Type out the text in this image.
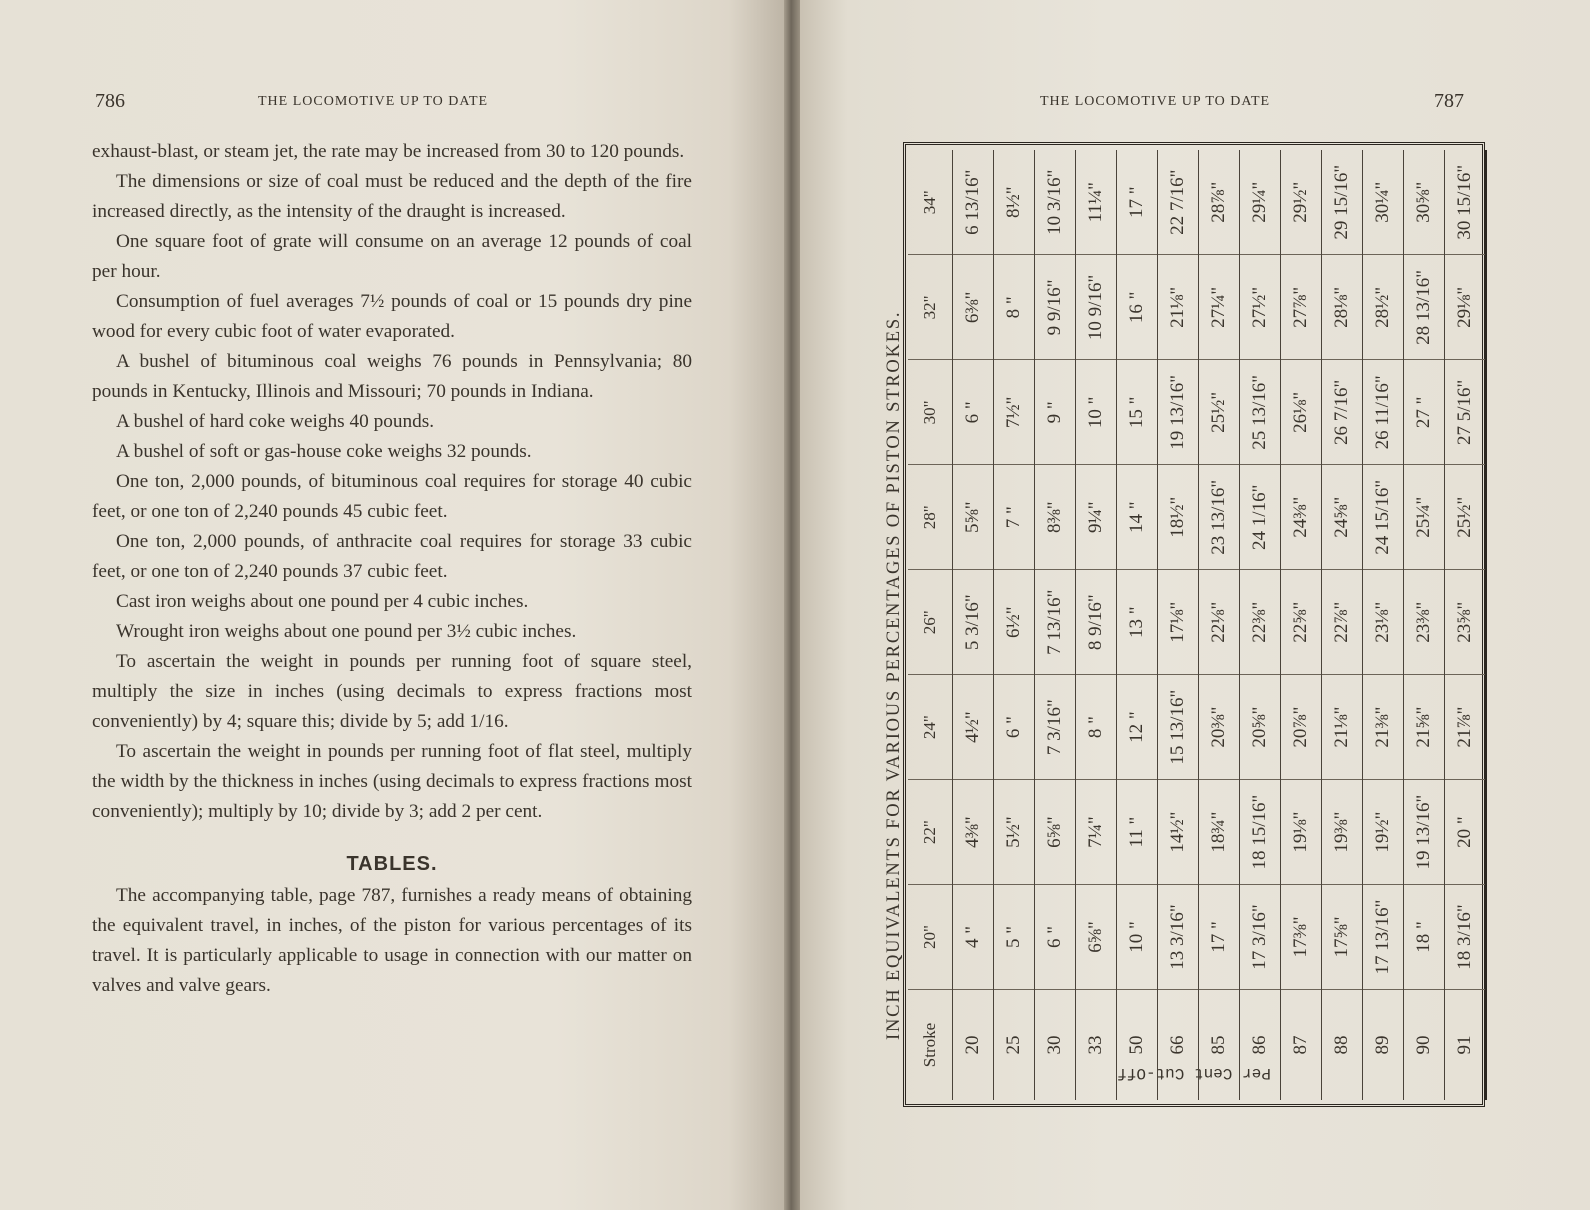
786	THE LOCOMOTIVE UP TO DATE

exhaust-blast, or steam jet, the rate may be increased from 30 to 120 pounds.

The dimensions or size of coal must be reduced and the depth of the fire increased directly, as the intensity of the draught is increased.

One square foot of grate will consume on an average 12 pounds of coal per hour.

Consumption of fuel averages 7½ pounds of coal or 15 pounds dry pine wood for every cubic foot of water evaporated.

A bushel of bituminous coal weighs 76 pounds in Pennsylvania; 80 pounds in Kentucky, Illinois and Missouri; 70 pounds in Indiana.

A bushel of hard coke weighs 40 pounds.

A bushel of soft or gas-house coke weighs 32 pounds.

One ton, 2,000 pounds, of bituminous coal requires for storage 40 cubic feet, or one ton of 2,240 pounds 45 cubic feet.

One ton, 2,000 pounds, of anthracite coal requires for storage 33 cubic feet, or one ton of 2,240 pounds 37 cubic feet.

Cast iron weighs about one pound per 4 cubic inches.

Wrought iron weighs about one pound per 3½ cubic inches.

To ascertain the weight in pounds per running foot of square steel, multiply the size in inches (using decimals to express fractions most conveniently) by 4; square this; divide by 5; add 1/16.

To ascertain the weight in pounds per running foot of flat steel, multiply the width by the thickness in inches (using decimals to express fractions most conveniently); multiply by 10; divide by 3; add 2 per cent.

TABLES.

The accompanying table, page 787, furnishes a ready means of obtaining the equivalent travel, in inches, of the piston for various percentages of its travel. It is particularly applicable to usage in connection with our matter on valves and valve gears.

THE LOCOMOTIVE UP TO DATE	787
INCH EQUIVALENTS FOR VARIOUS PERCENTAGES OF PISTON STROKES.
Per Cent Cut-Off
Stroke	20"	22"	24"	26"	28"	30"	32"	34"
20	4 "	4⅜"	4½"	5 3/16"	5⅝"	6 "	6⅜"	6 13/16"
25	5 "	5½"	6 "	6½"	7 "	7½"	8 "	8½"
30	6 "	6⅝"	7 3/16"	7 13/16"	8⅜"	9 "	9 9/16"	10 3/16"
33	6⅝"	7¼"	8 "	8 9/16"	9¼"	10 "	10 9/16"	11¼"
50	10 "	11 "	12 "	13 "	14 "	15 "	16 "	17 "
66	13 3/16"	14½"	15 13/16"	17⅛"	18½"	19 13/16"	21⅛"	22 7/16"
85	17 "	18¾"	20⅜"	22⅛"	23 13/16"	25½"	27¼"	28⅞"
86	17 3/16"	18 15/16"	20⅝"	22⅜"	24 1/16"	25 13/16"	27½"	29¼"
87	17⅜"	19⅛"	20⅞"	22⅝"	24⅜"	26⅛"	27⅞"	29½"
88	17⅝"	19⅜"	21⅛"	22⅞"	24⅝"	26 7/16"	28⅛"	29 15/16"
89	17 13/16"	19½"	21⅜"	23⅛"	24 15/16"	26 11/16"	28½"	30¼"
90	18 "	19 13/16"	21⅝"	23⅜"	25¼"	27 "	28 13/16"	30⅝"
91	18 3/16"	20 "	21⅞"	23⅝"	25½"	27 5/16"	29⅛"	30 15/16"
